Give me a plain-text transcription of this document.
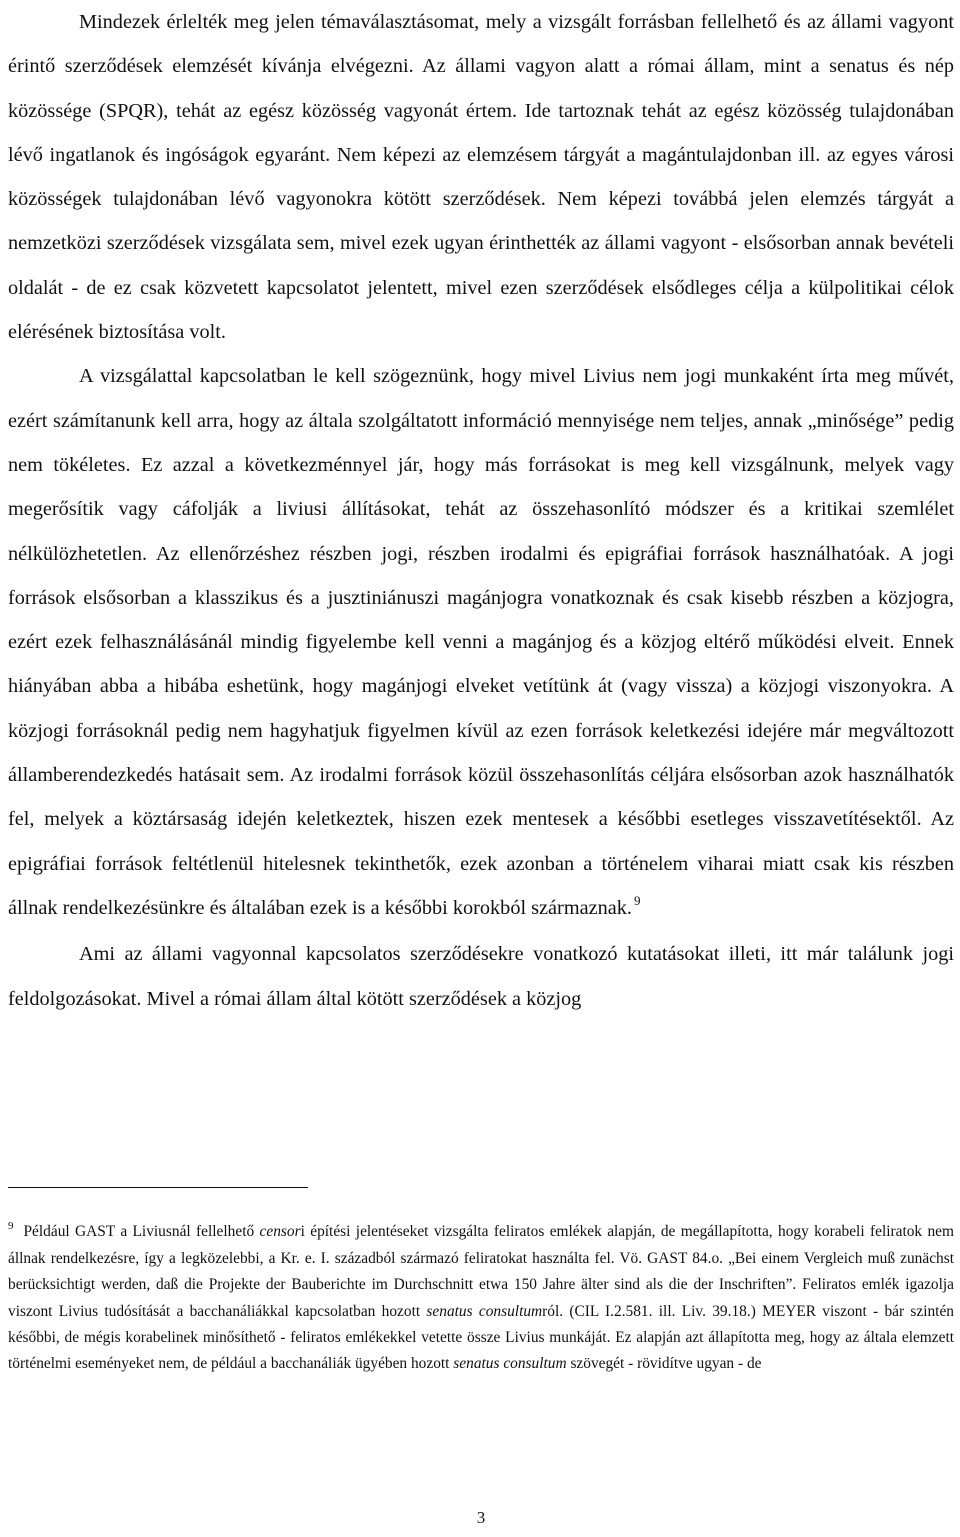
Mindezek érlelték meg jelen témaválasztásomat, mely a vizsgált forrásban fellelhető és az állami vagyont érintő szerződések elemzését kívánja elvégezni. Az állami vagyon alatt a római állam, mint a senatus és nép közössége (SPQR), tehát az egész közösség vagyonát értem. Ide tartoznak tehát az egész közösség tulajdonában lévő ingatlanok és ingóságok egyaránt. Nem képezi az elemzésem tárgyát a magántulajdonban ill. az egyes városi közösségek tulajdonában lévő vagyonokra kötött szerződések. Nem képezi továbbá jelen elemzés tárgyát a nemzetközi szerződések vizsgálata sem, mivel ezek ugyan érinthették az állami vagyont - elsősorban annak bevételi oldalát - de ez csak közvetett kapcsolatot jelentett, mivel ezen szerződések elsődleges célja a külpolitikai célok elérésének biztosítása volt.

A vizsgálattal kapcsolatban le kell szögeznünk, hogy mivel Livius nem jogi munkaként írta meg művét, ezért számítanunk kell arra, hogy az általa szolgáltatott információ mennyisége nem teljes, annak „minősége” pedig nem tökéletes. Ez azzal a következménnyel jár, hogy más forrásokat is meg kell vizsgálnunk, melyek vagy megerősítik vagy cáfolják a liviusi állításokat, tehát az összehasonlító módszer és a kritikai szemlélet nélkülözhetetlen. Az ellenőrzéshez részben jogi, részben irodalmi és epigráfiai források használhatóak. A jogi források elsősorban a klasszikus és a jusztiniánuszi magánjogra vonatkoznak és csak kisebb részben a közjogra, ezért ezek felhasználásánál mindig figyelembe kell venni a magánjog és a közjog eltérő működési elveit. Ennek hiányában abba a hibába eshetünk, hogy magánjogi elveket vetítünk át (vagy vissza) a közjogi viszonyokra. A közjogi forrásoknál pedig nem hagyhatjuk figyelmen kívül az ezen források keletkezési idejére már megváltozott államberendezkedés hatásait sem. Az irodalmi források közül összehasonlítás céljára elsősorban azok használhatók fel, melyek a köztársaság idején keletkeztek, hiszen ezek mentesek a későbbi esetleges visszavetítésektől. Az epigráfiai források feltétlenül hitelesnek tekinthetők, ezek azonban a történelem viharai miatt csak kis részben állnak rendelkezésünkre és általában ezek is a későbbi korokból származnak. $^9$

Ami az állami vagyonnal kapcsolatos szerződésekre vonatkozó kutatásokat illeti, itt már találunk jogi feldolgozásokat. Mivel a római állam által kötött szerződések a közjog

$^9$ Például GAST a Liviusnál fellelhető censori építési jelentéseket vizsgálta feliratos emlékek alapján, de megállapította, hogy korabeli feliratok nem állnak rendelkezésre, így a legközelebbi, a Kr. e. I. századból származó feliratokat használta fel. Vö. GAST 84.o. „Bei einem Vergleich muß zunächst berücksichtigt werden, daß die Projekte der Bauberichte im Durchschnitt etwa 150 Jahre älter sind als die der Inschriften”. Feliratos emlék igazolja viszont Livius tudósítását a bacchanáliákkal kapcsolatban hozott senatus consultumról. (CIL I.2.581. ill. Liv. 39.18.) MEYER viszont - bár szintén későbbi, de mégis korabelinek minősíthető - feliratos emlékekkel vetette össze Livius munkáját. Ez alapján azt állapította meg, hogy az általa elemzett történelmi eseményeket nem, de például a bacchanáliák ügyében hozott senatus consultum szövegét - rövidítve ugyan - de

3
